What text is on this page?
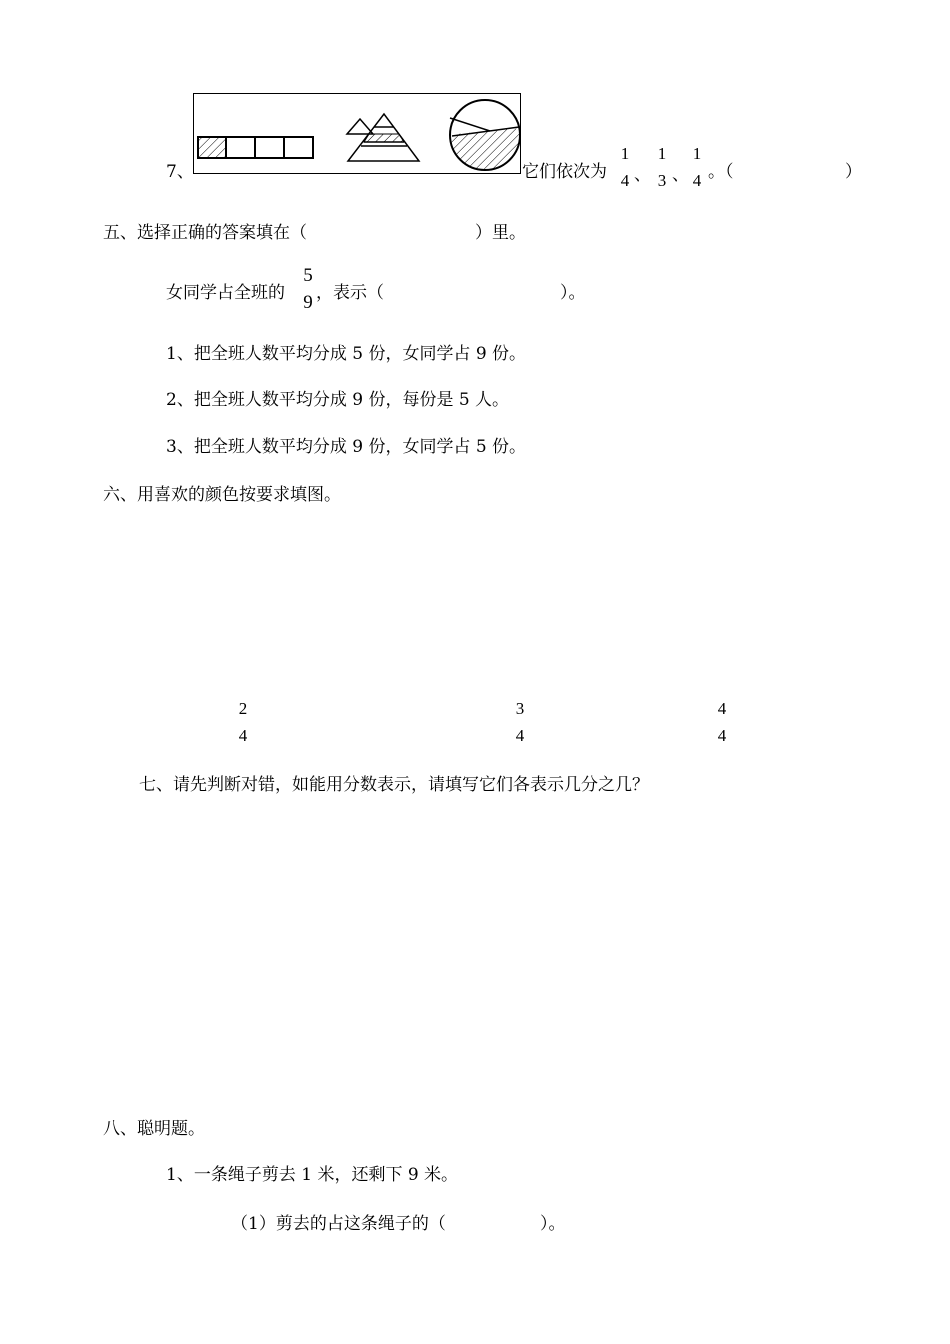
7、	它们依次为
1
4 、
1
3 、
1
4 。（	）
五、选择正确的答案填在（	）里。
女同学占全班的
5
9 ，表示（	）。
1、把全班人数平均分成 5 份，女同学占 9 份。
2、把全班人数平均分成 9 份，每份是 5 人。
3、把全班人数平均分成 9 份，女同学占 5 份。
六、用喜欢的颜色按要求填图。
2
4
3
4
4
4
七、请先判断对错，如能用分数表示，请填写它们各表示几分之几？
八、聪明题。
1、一条绳子剪去 1 米，还剩下 9 米。
（1）剪去的占这条绳子的（	）。
